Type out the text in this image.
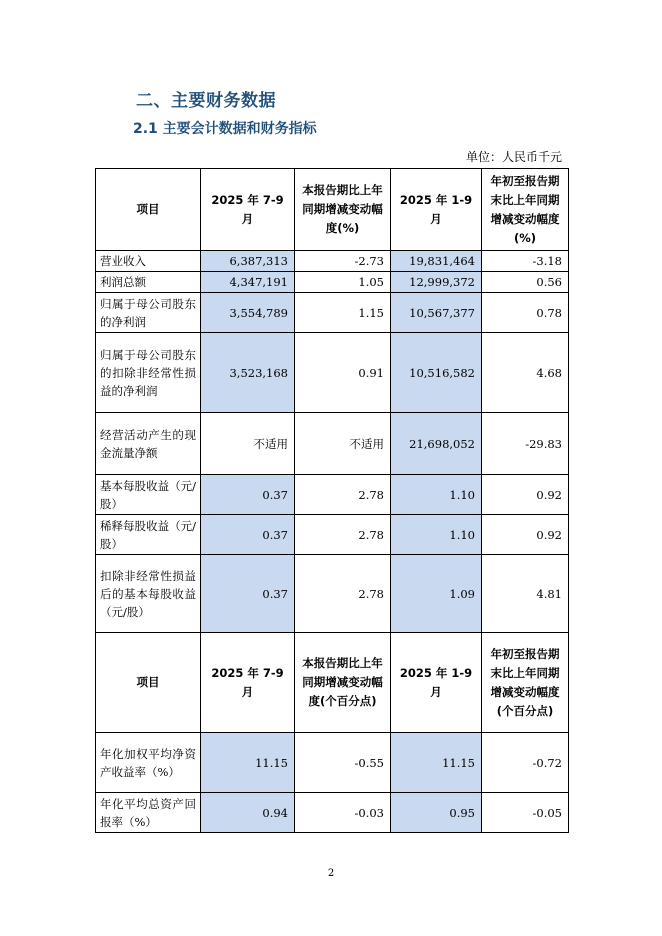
二、主要财务数据
2.1 主要会计数据和财务指标
单位：人民币千元
项目	2025 年 7-9 月	本报告期比上年同期增减变动幅度(%)	2025 年 1-9 月	年初至报告期末比上年同期增减变动幅度(%)
营业收入	6,387,313	-2.73	19,831,464	-3.18
利润总额	4,347,191	1.05	12,999,372	0.56
归属于母公司股东的净利润	3,554,789	1.15	10,567,377	0.78
归属于母公司股东的扣除非经常性损益的净利润	3,523,168	0.91	10,516,582	4.68
经营活动产生的现金流量净额	不适用	不适用	21,698,052	-29.83
基本每股收益（元/股）	0.37	2.78	1.10	0.92
稀释每股收益（元/股）	0.37	2.78	1.10	0.92
扣除非经常性损益后的基本每股收益（元/股）	0.37	2.78	1.09	4.81
项目	2025 年 7-9 月	本报告期比上年同期增减变动幅度(个百分点)	2025 年 1-9 月	年初至报告期末比上年同期增减变动幅度(个百分点)
年化加权平均净资产收益率（%）	11.15	-0.55	11.15	-0.72
年化平均总资产回报率（%）	0.94	-0.03	0.95	-0.05
2
